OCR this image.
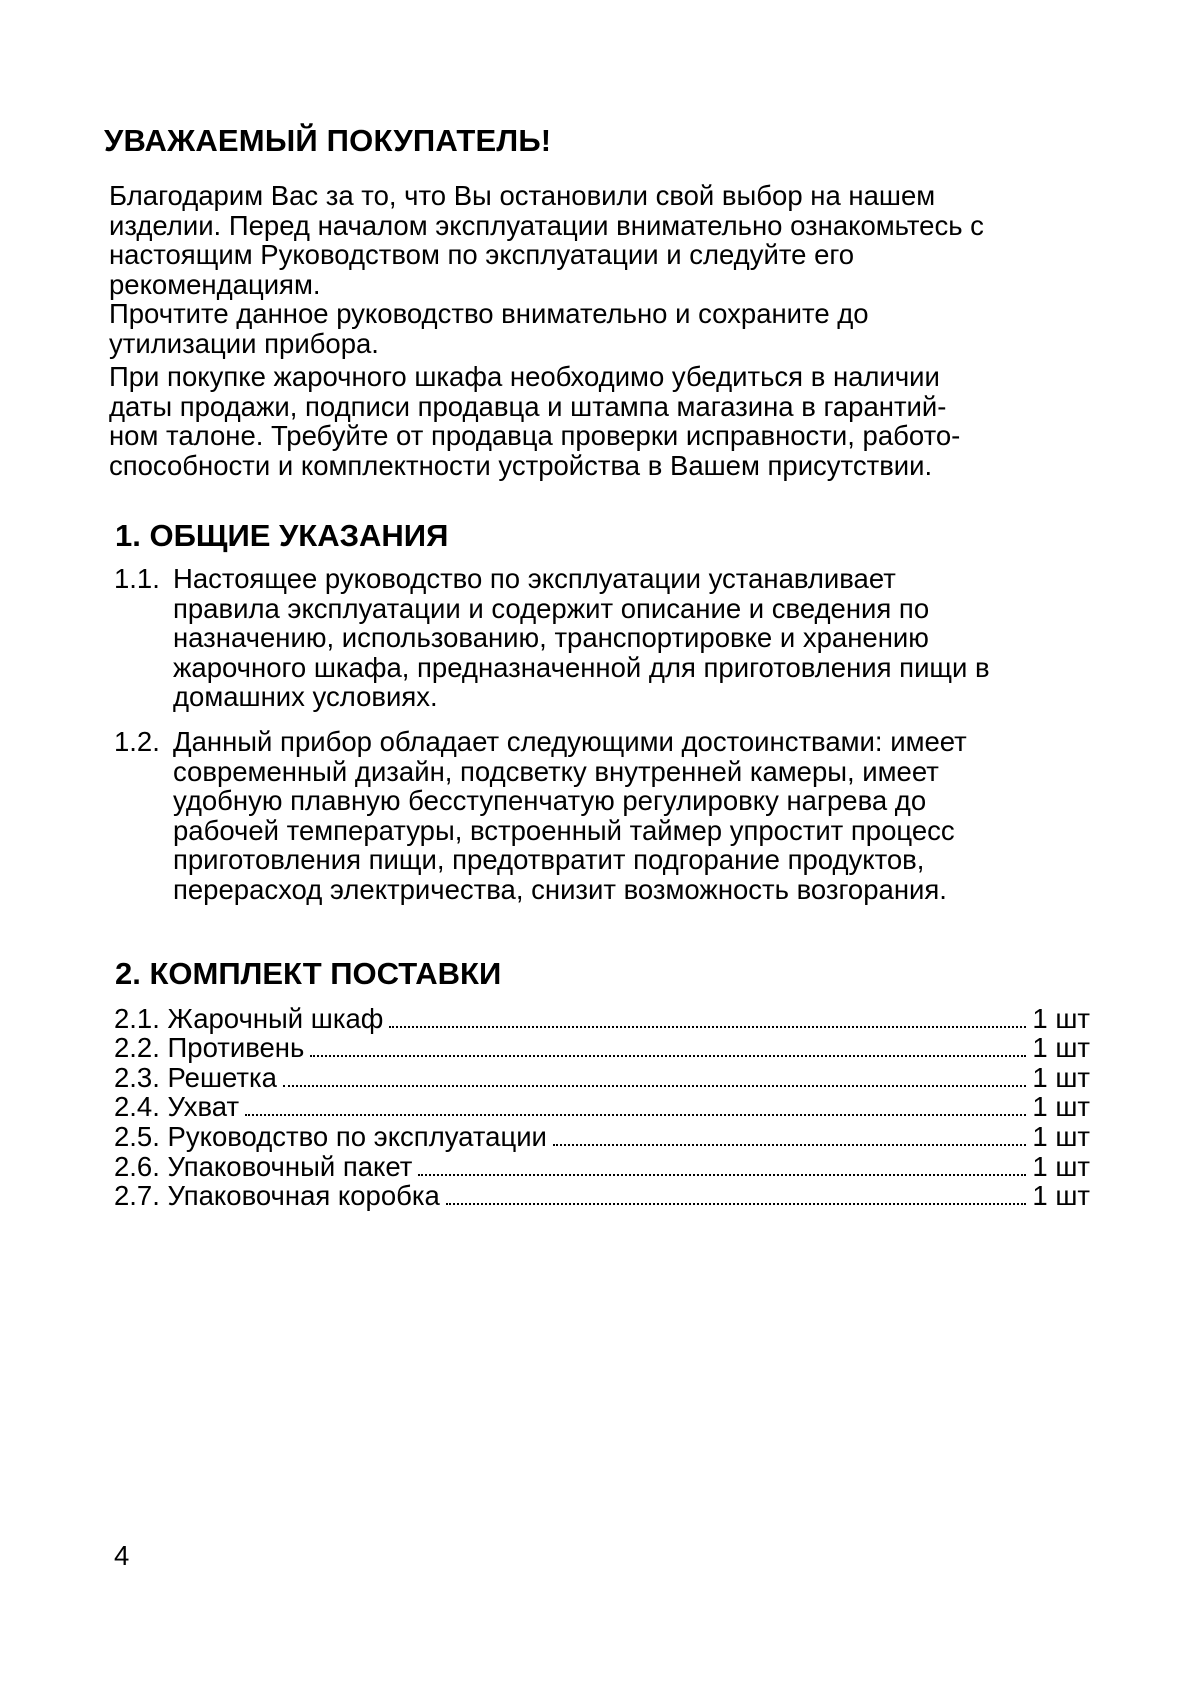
УВАЖАЕМЫЙ ПОКУПАТЕЛЬ!

Благодарим Вас за то, что Вы остановили свой выбор на нашем
изделии. Перед началом эксплуатации внимательно ознакомьтесь с
настоящим Руководством по эксплуатации и следуйте его
рекомендациям.

Прочтите данное руководство внимательно и сохраните до
утилизации прибора.

При покупке жарочного шкафа необходимо убедиться в наличии
даты продажи, подписи продавца и штампа магазина в гарантий-
ном талоне. Требуйте от продавца проверки исправности, работо-
способности и комплектности устройства в Вашем присутствии.

1. ОБЩИЕ УКАЗАНИЯ
1.1. Настоящее руководство по эксплуатации устанавливает
правила эксплуатации и содержит описание и сведения по
назначению, использованию, транспортировке и хранению
жарочного шкафа, предназначенной для приготовления пищи в
домашних условиях.
1.2. Данный прибор обладает следующими достоинствами: имеет
современный дизайн, подсветку внутренней камеры, имеет
удобную плавную бесступенчатую регулировку нагрева до
рабочей температуры, встроенный таймер упростит процесс
приготовления пищи, предотвратит подгорание продуктов,
перерасход электричества, снизит возможность возгорания.
2. КОМПЛЕКТ ПОСТАВКИ
2.1. Жарочный шкаф	1 шт
2.2. Противень	1 шт
2.3. Решетка	1 шт
2.4. Ухват	1 шт
2.5. Руководство по эксплуатации	1 шт
2.6. Упаковочный пакет	1 шт
2.7. Упаковочная коробка	1 шт
4
